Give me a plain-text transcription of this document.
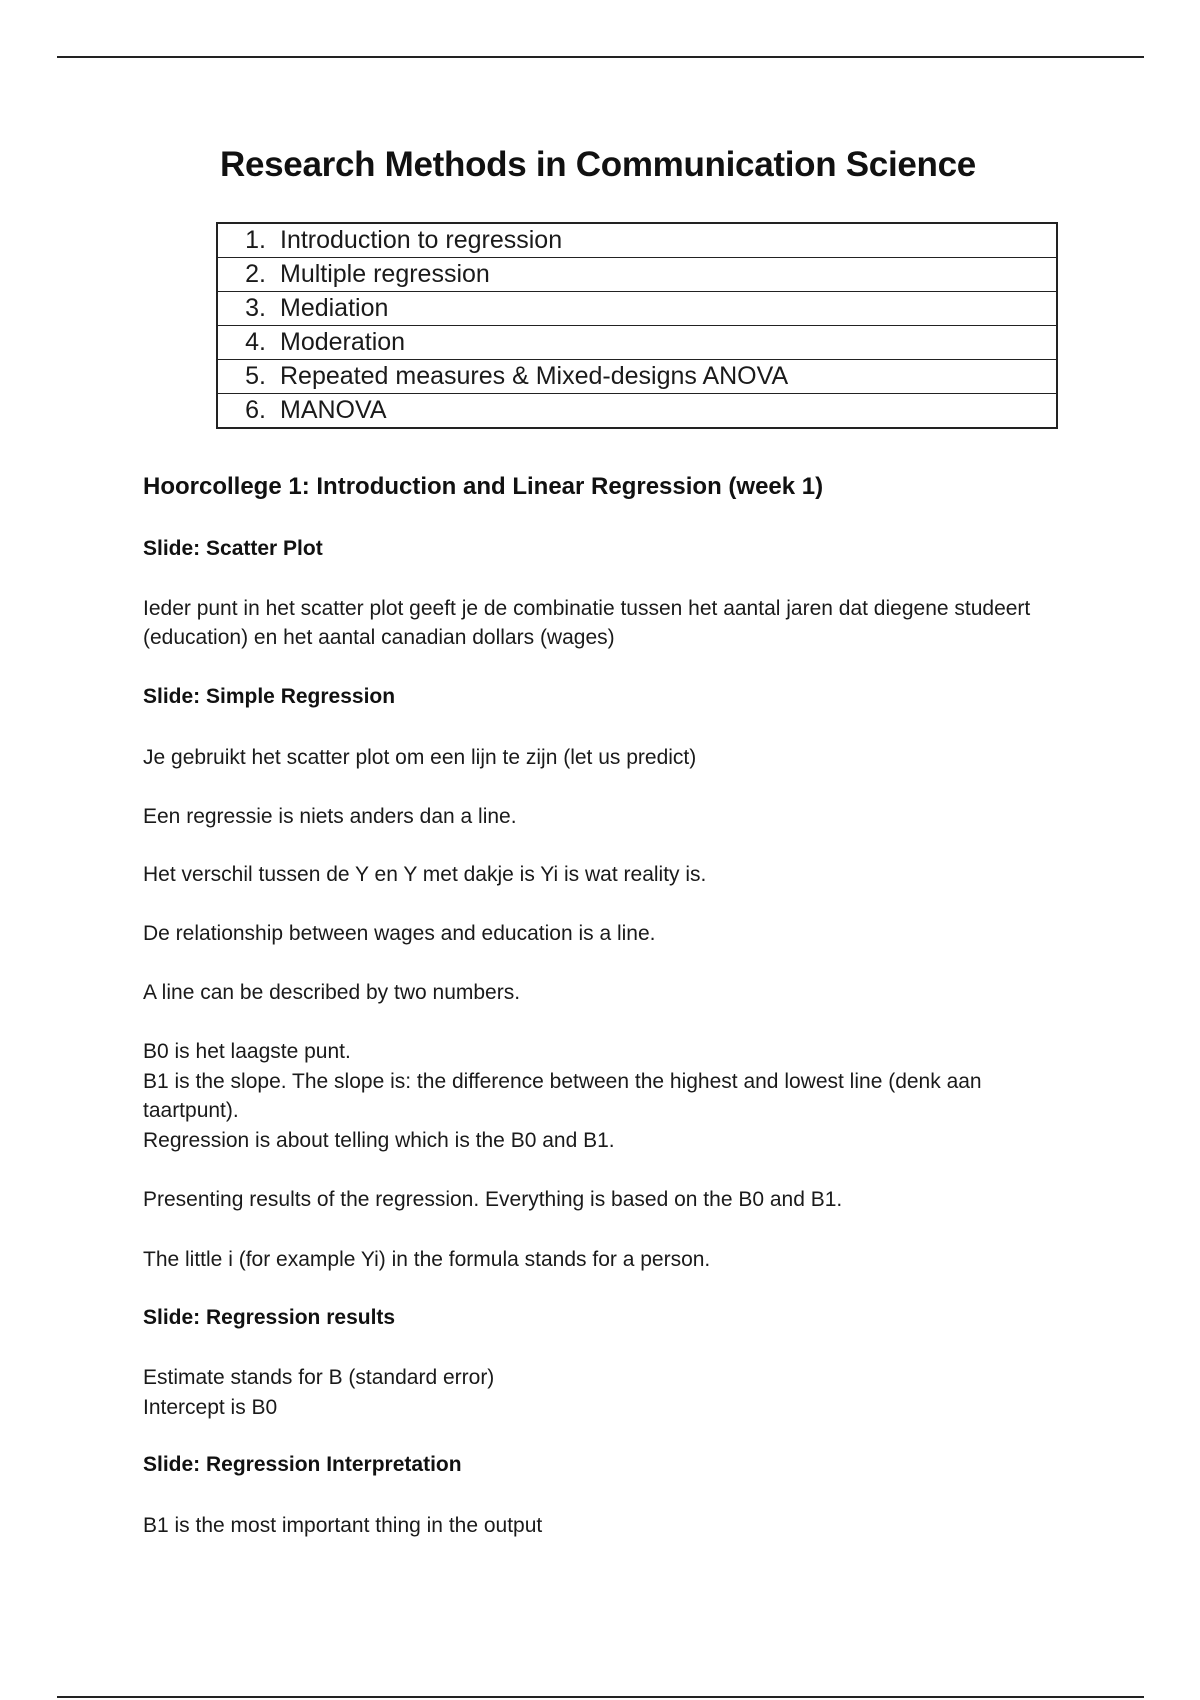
Research Methods in Communication Science
1. Introduction to regression
2. Multiple regression
3. Mediation
4. Moderation
5. Repeated measures & Mixed-designs ANOVA
6. MANOVA
Hoorcollege 1: Introduction and Linear Regression (week 1)
Slide: Scatter Plot

Ieder punt in het scatter plot geeft je de combinatie tussen het aantal jaren dat diegene studeert (education) en het aantal canadian dollars (wages)

Slide: Simple Regression

Je gebruikt het scatter plot om een lijn te zijn (let us predict)

Een regressie is niets anders dan a line.

Het verschil tussen de Y en Y met dakje is Yi is wat reality is.

De relationship between wages and education is a line.

A line can be described by two numbers.

B0 is het laagste punt.

B1 is the slope. The slope is: the difference between the highest and lowest line (denk aan taartpunt).

Regression is about telling which is the B0 and B1.

Presenting results of the regression. Everything is based on the B0 and B1.

The little i (for example Yi) in the formula stands for a person.

Slide: Regression results

Estimate stands for B (standard error)

Intercept is B0

Slide: Regression Interpretation

B1 is the most important thing in the output
